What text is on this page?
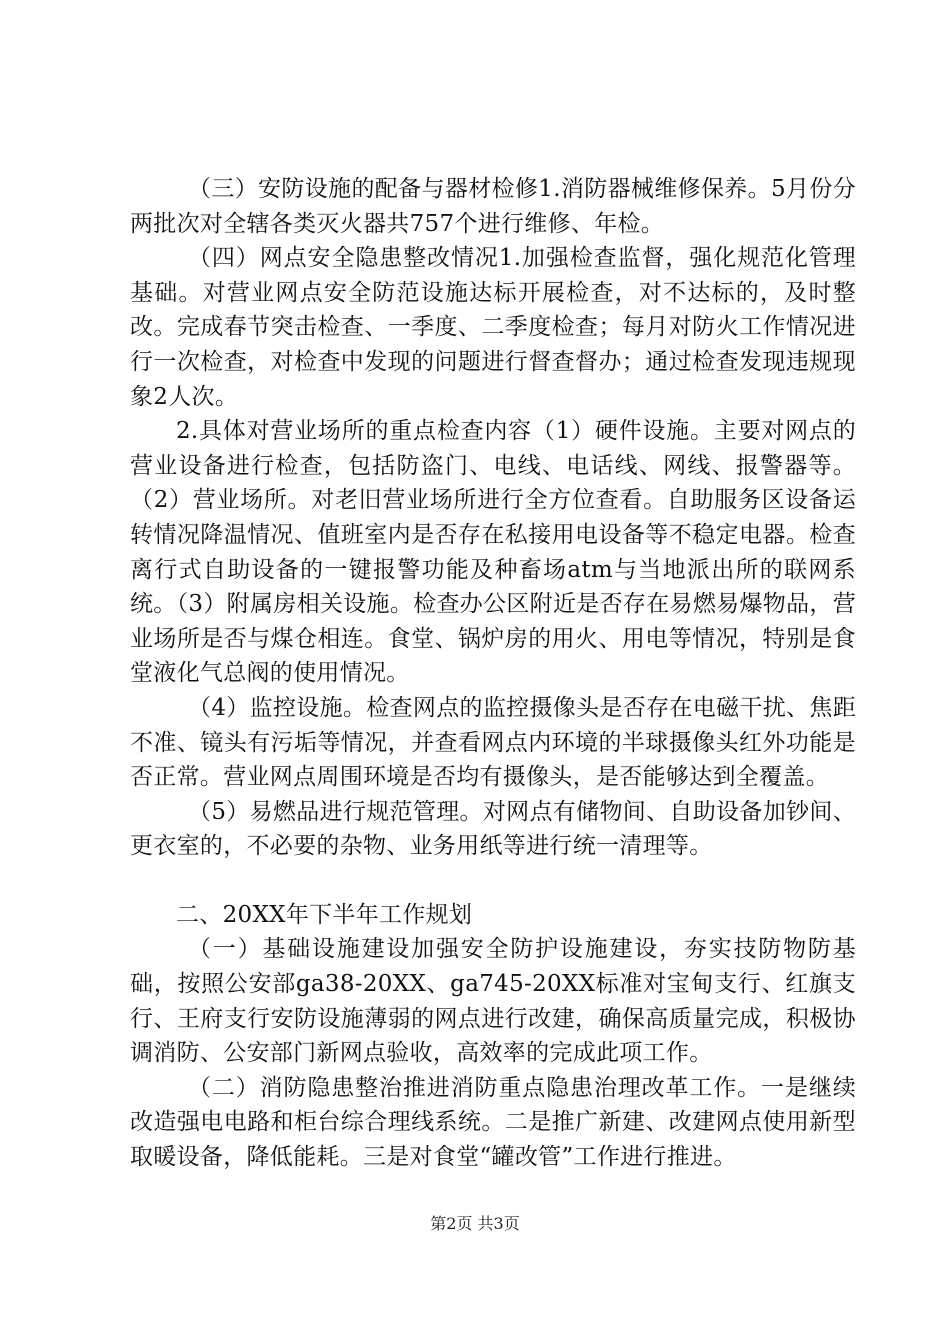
（三）安防设施的配备与器材检修1.消防器械维修保养。5月份分两批次对全辖各类灭火器共757个进行维修、年检。

（四）网点安全隐患整改情况1.加强检查监督，强化规范化管理基础。对营业网点安全防范设施达标开展检查，对不达标的，及时整改。完成春节突击检查、一季度、二季度检查；每月对防火工作情况进行一次检查，对检查中发现的问题进行督查督办；通过检查发现违规现象2人次。

2.具体对营业场所的重点检查内容（1）硬件设施。主要对网点的营业设备进行检查，包括防盗门、电线、电话线、网线、报警器等。（2）营业场所。对老旧营业场所进行全方位查看。自助服务区设备运转情况降温情况、值班室内是否存在私接用电设备等不稳定电器。检查离行式自助设备的一键报警功能及种畜场atm与当地派出所的联网系统。（3）附属房相关设施。检查办公区附近是否存在易燃易爆物品，营业场所是否与煤仓相连。食堂、锅炉房的用火、用电等情况，特别是食堂液化气总阀的使用情况。

（4）监控设施。检查网点的监控摄像头是否存在电磁干扰、焦距不准、镜头有污垢等情况，并查看网点内环境的半球摄像头红外功能是否正常。营业网点周围环境是否均有摄像头，是否能够达到全覆盖。

（5）易燃品进行规范管理。对网点有储物间、自助设备加钞间、更衣室的，不必要的杂物、业务用纸等进行统一清理等。

二、20XX年下半年工作规划

（一）基础设施建设加强安全防护设施建设，夯实技防物防基础，按照公安部ga38-20XX、ga745-20XX标准对宝甸支行、红旗支行、王府支行安防设施薄弱的网点进行改建，确保高质量完成，积极协调消防、公安部门新网点验收，高效率的完成此项工作。

（二）消防隐患整治推进消防重点隐患治理改革工作。一是继续改造强电电路和柜台综合理线系统。二是推广新建、改建网点使用新型取暖设备，降低能耗。三是对食堂“罐改管”工作进行推进。

第2页 共3页
